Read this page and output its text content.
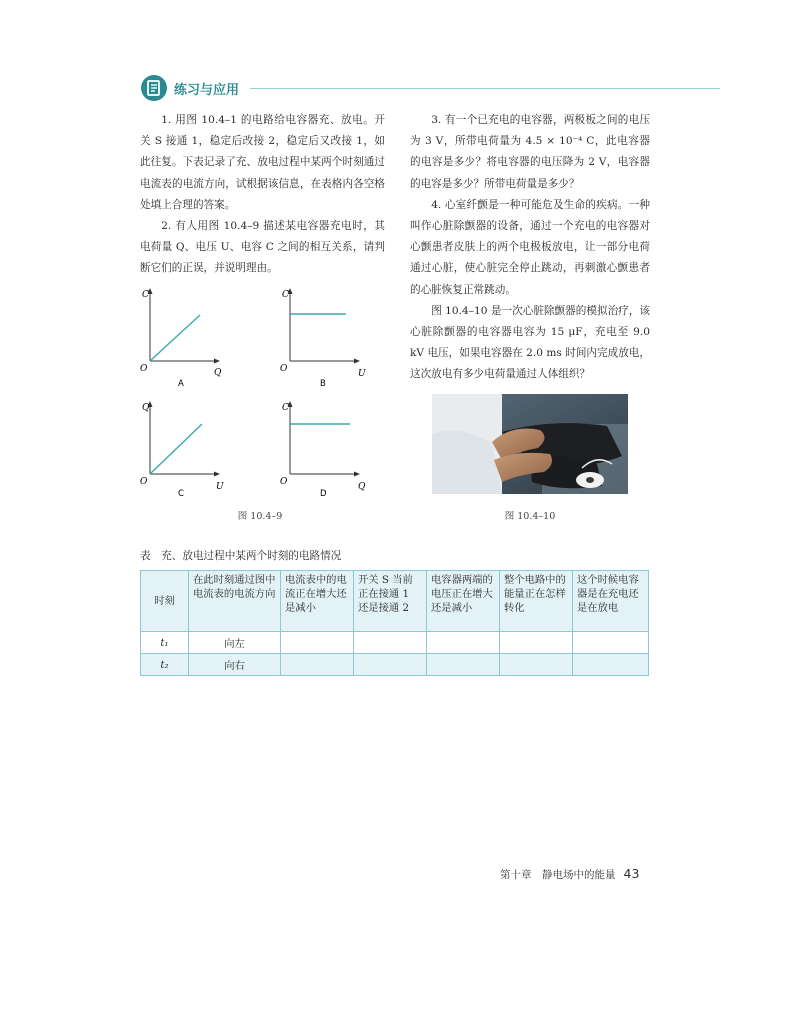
练习与应用

1. 用图 10.4–1 的电路给电容器充、放电。开关 S 接通 1，稳定后改接 2，稳定后又改接 1，如此往复。下表记录了充、放电过程中某两个时刻通过电流表的电流方向，试根据该信息，在表格内各空格处填上合理的答案。

2. 有人用图 10.4–9 描述某电容器充电时，其电荷量 Q、电压 U、电容 C 之间的相互关系，请判断它们的正误，并说明理由。

3. 有一个已充电的电容器，两极板之间的电压为 3 V，所带电荷量为 4.5 × 10⁻⁴ C，此电容器的电容是多少？将电容器的电压降为 2 V，电容器的电容是多少？所带电荷量是多少？

4. 心室纤颤是一种可能危及生命的疾病。一种叫作心脏除颤器的设备，通过一个充电的电容器对心颤患者皮肤上的两个电极板放电，让一部分电荷通过心脏，使心脏完全停止跳动，再刺激心颤患者的心脏恢复正常跳动。

图 10.4–10 是一次心脏除颤器的模拟治疗，该心脏除颤器的电容器电容为 15 μF，充电至 9.0 kV 电压，如果电容器在 2.0 ms 时间内完成放电，这次放电有多少电荷量通过人体组织？

C
O	Q
A
C
O	U
B
Q
O	U
C
C
O	Q
D
图 10.4–9	图 10.4–10
表　充、放电过程中某两个时刻的电路情况
时刻	在此时刻通过图中电流表的电流方向	电流表中的电流正在增大还是减小	开关 S 当前正在接通 1 还是接通 2	电容器两端的电压正在增大还是减小	整个电路中的能量正在怎样转化	这个时候电容器是在充电还是在放电
t₁	向左					
t₂	向右					
第十章　静电场中的能量 43
